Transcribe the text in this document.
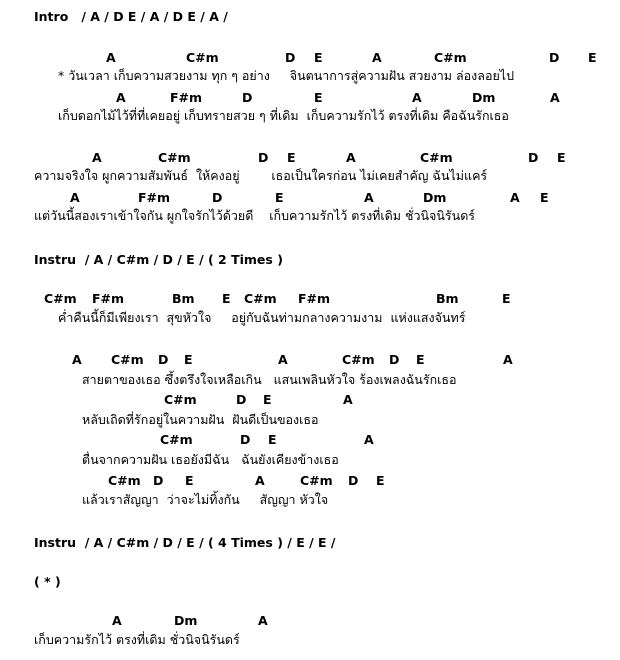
Intro   / A / D E / A / D E / A /
A	C#m	D E	A	C#m	D E
* วันเวลา เก็บความสวยงาม ทุก ๆ อย่าง     จินตนาการสู่ความฝัน สวยงาม ล่องลอยไป
A	F#m	D	E	A	Dm	A
เก็บดอกไม้ไว้ที่ที่เคยอยู่ เก็บทรายสวย ๆ ที่เดิม  เก็บความรักไว้ ตรงที่เดิม คือฉันรักเธอ
A	C#m	D E	A	C#m	D E
ความจริงใจ ผูกความสัมพันธ์  ให้คงอยู่        เธอเป็นใครก่อน ไม่เคยสำคัญ ฉันไม่แคร์
A	F#m	D	E	A	Dm	A E
แต่วันนี้สองเราเข้าใจกัน ผูกใจรักไว้ด้วยดี    เก็บความรักไว้ ตรงที่เดิม ชั่วนิจนิรันดร์
Instru  / A / C#m / D / E / ( 2 Times )
C#m F#m	Bm E C#m F#m	Bm	E
ค่ำคืนนี้ก็มีเพียงเรา  สุขหัวใจ     อยู่กับฉันท่ามกลางความงาม  แห่งแสงจันทร์
A C#m D E	A	C#m D E	A
สายตาของเธอ ซึ้งตรึงใจเหลือเกิน   แสนเพลินหัวใจ ร้องเพลงฉันรักเธอ
C#m	D E	A
หลับเถิดที่รักอยู่ในความฝัน  ฝันดีเป็นของเธอ
C#m	D E	A
ตื่นจากความฝัน เธอยังมีฉัน   ฉันยังเคียงข้างเธอ
C#m D E	A	C#m D E
แล้วเราสัญญา  ว่าจะไม่ทิ้งกัน     สัญญา หัวใจ
Instru  / A / C#m / D / E / ( 4 Times ) / E / E /
( * )
A	Dm	A
เก็บความรักไว้ ตรงที่เดิม ชั่วนิจนิรันดร์
